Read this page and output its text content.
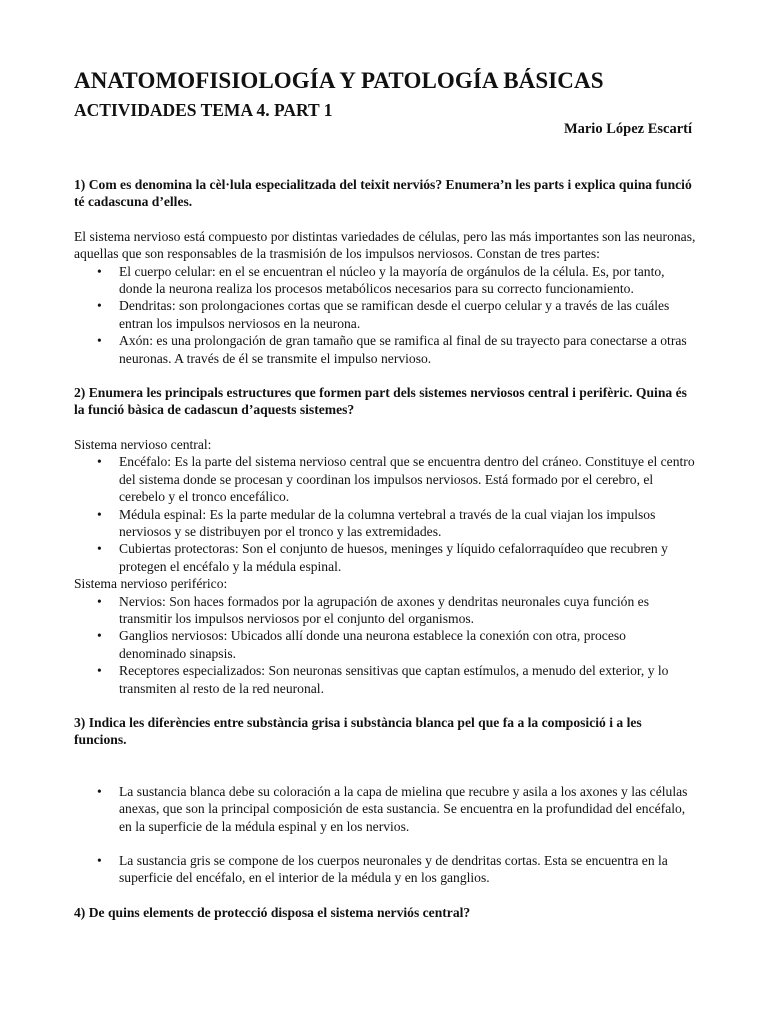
ANATOMOFISIOLOGÍA Y PATOLOGÍA BÁSICAS
ACTIVIDADES TEMA 4. PART 1

Mario López Escartí

1) Com es denomina la cèl·lula especialitzada del teixit nerviós? Enumera’n les parts i explica quina funció té cadascuna d’elles.

El sistema nervioso está compuesto por distintas variedades de células, pero las más importantes son las neuronas, aquellas que son responsables de la trasmisión de los impulsos nerviosos. Constan de tres partes:

• El cuerpo celular: en el se encuentran el núcleo y la mayoría de orgánulos de la célula. Es, por tanto, donde la neurona realiza los procesos metabólicos necesarios para su correcto funcionamiento.
• Dendritas: son prolongaciones cortas que se ramifican desde el cuerpo celular y a través de las cuáles entran los impulsos nerviosos en la neurona.
• Axón: es una prolongación de gran tamaño que se ramifica al final de su trayecto para conectarse a otras neuronas. A través de él se transmite el impulso nervioso.

2) Enumera les principals estructures que formen part dels sistemes nerviosos central i perifèric. Quina és la funció bàsica de cadascun d’aquests sistemes?

Sistema nervioso central:

• Encéfalo: Es la parte del sistema nervioso central que se encuentra dentro del cráneo. Constituye el centro del sistema donde se procesan y coordinan los impulsos nerviosos. Está formado por el cerebro, el cerebelo y el tronco encefálico.
• Médula espinal: Es la parte medular de la columna vertebral a través de la cual viajan los impulsos nerviosos y se distribuyen por el tronco y las extremidades.
• Cubiertas protectoras: Son el conjunto de huesos, meninges y líquido cefalorraquídeo que recubren y protegen el encéfalo y la médula espinal.

Sistema nervioso periférico:

• Nervios: Son haces formados por la agrupación de axones y dendritas neuronales cuya función es transmitir los impulsos nerviosos por el conjunto del organismos.
• Ganglios nerviosos: Ubicados allí donde una neurona establece la conexión con otra, proceso denominado sinapsis.
• Receptores especializados: Son neuronas sensitivas que captan estímulos, a menudo del exterior, y lo transmiten al resto de la red neuronal.

3) Indica les diferències entre substància grisa i substància blanca pel que fa a la composició i a les funcions.

• La sustancia blanca debe su coloración a la capa de mielina que recubre y asila a los axones y las células anexas, que son la principal composición de esta sustancia. Se encuentra en la profundidad del encéfalo, en la superficie de la médula espinal y en los nervios.
• La sustancia gris se compone de los cuerpos neuronales y de dendritas cortas. Esta se encuentra en la superficie del encéfalo, en el interior de la médula y en los ganglios.

4) De quins elements de protecció disposa el sistema nerviós central?
